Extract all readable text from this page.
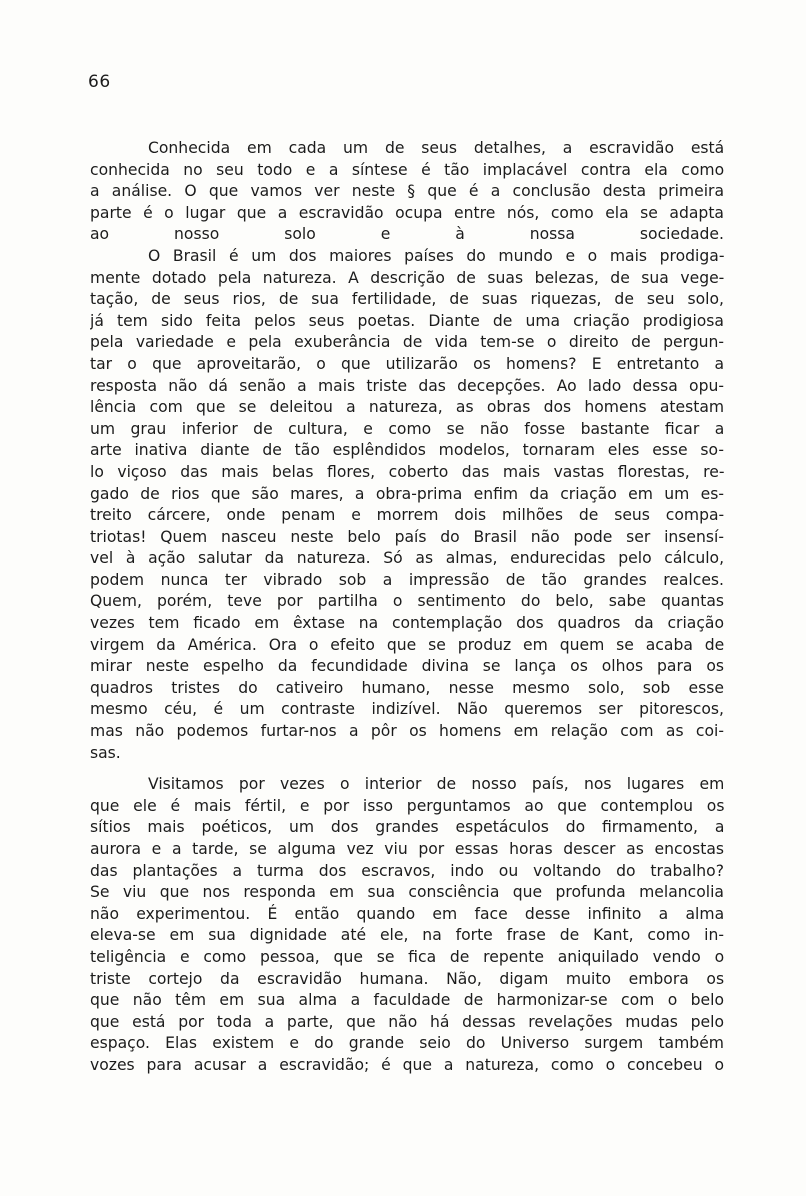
66
Conhecida em cada um de seus detalhes, a escravidão está
conhecida no seu todo e a síntese é tão implacável contra ela como
a análise. O que vamos ver neste § que é a conclusão desta primeira
parte é o lugar que a escravidão ocupa entre nós, como ela se adapta
ao nosso solo e à nossa sociedade.
O Brasil é um dos maiores países do mundo e o mais prodiga-
mente dotado pela natureza. A descrição de suas belezas, de sua vege-
tação, de seus rios, de sua fertilidade, de suas riquezas, de seu solo,
já tem sido feita pelos seus poetas. Diante de uma criação prodigiosa
pela variedade e pela exuberância de vida tem-se o direito de pergun-
tar o que aproveitarão, o que utilizarão os homens? E entretanto a
resposta não dá senão a mais triste das decepções. Ao lado dessa opu-
lência com que se deleitou a natureza, as obras dos homens atestam
um grau inferior de cultura, e como se não fosse bastante ficar a
arte inativa diante de tão esplêndidos modelos, tornaram eles esse so-
lo viçoso das mais belas flores, coberto das mais vastas florestas, re-
gado de rios que são mares, a obra-prima enfim da criação em um es-
treito cárcere, onde penam e morrem dois milhões de seus compa-
triotas! Quem nasceu neste belo país do Brasil não pode ser insensí-
vel à ação salutar da natureza. Só as almas, endurecidas pelo cálculo,
podem nunca ter vibrado sob a impressão de tão grandes realces.
Quem, porém, teve por partilha o sentimento do belo, sabe quantas
vezes tem ficado em êxtase na contemplação dos quadros da criação
virgem da América. Ora o efeito que se produz em quem se acaba de
mirar neste espelho da fecundidade divina se lança os olhos para os
quadros tristes do cativeiro humano, nesse mesmo solo, sob esse
mesmo céu, é um contraste indizível. Não queremos ser pitorescos,
mas não podemos furtar-nos a pôr os homens em relação com as coi-
sas.
Visitamos por vezes o interior de nosso país, nos lugares em
que ele é mais fértil, e por isso perguntamos ao que contemplou os
sítios mais poéticos, um dos grandes espetáculos do firmamento, a
aurora e a tarde, se alguma vez viu por essas horas descer as encostas
das plantações a turma dos escravos, indo ou voltando do trabalho?
Se viu que nos responda em sua consciência que profunda melancolia
não experimentou. É então quando em face desse infinito a alma
eleva-se em sua dignidade até ele, na forte frase de Kant, como in-
teligência e como pessoa, que se fica de repente aniquilado vendo o
triste cortejo da escravidão humana. Não, digam muito embora os
que não têm em sua alma a faculdade de harmonizar-se com o belo
que está por toda a parte, que não há dessas revelações mudas pelo
espaço. Elas existem e do grande seio do Universo surgem também
vozes para acusar a escravidão; é que a natureza, como o concebeu o
